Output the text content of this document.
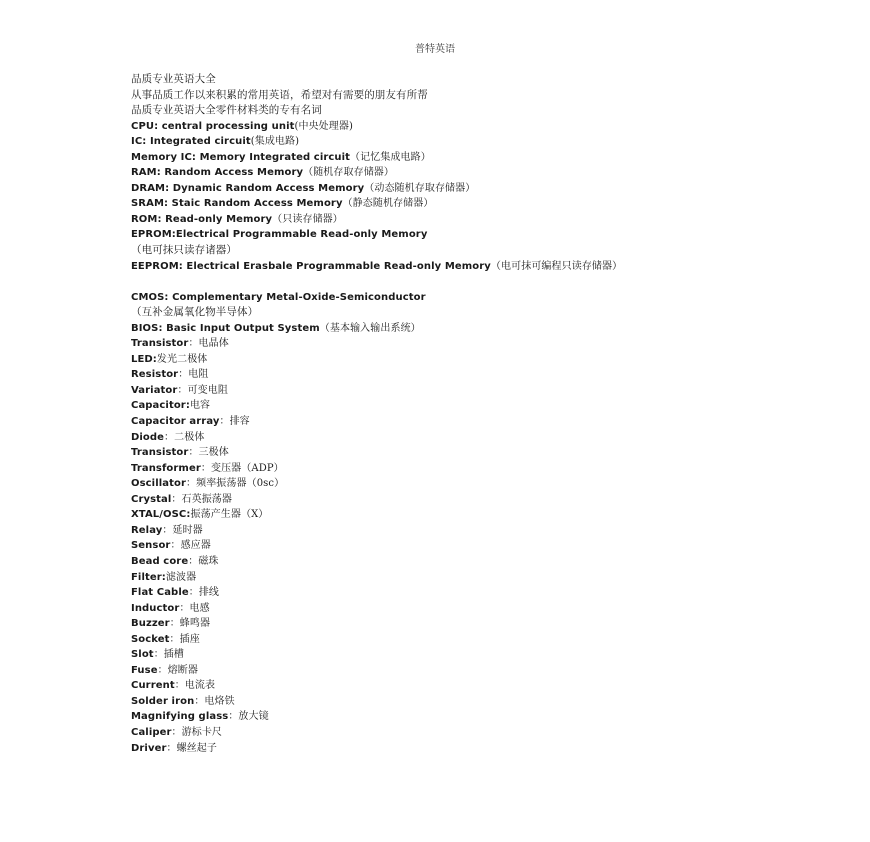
普特英语
品质专业英语大全
从事品质工作以来积累的常用英语，希望对有需要的朋友有所帮
品质专业英语大全零件材料类的专有名词
CPU: central processing unit(中央处理器)
IC: Integrated circuit(集成电路)
Memory IC: Memory Integrated circuit（记忆集成电路）
RAM: Random Access Memory（随机存取存储器）
DRAM: Dynamic Random Access Memory（动态随机存取存储器）
SRAM: Staic Random Access Memory（静态随机存储器）
ROM: Read-only Memory（只读存储器）
EPROM:Electrical Programmable Read-only Memory
（电可抹只读存诸器）
EEPROM: Electrical Erasbale Programmable Read-only Memory（电可抹可编程只读存储器）
CMOS: Complementary Metal-Oxide-Semiconductor
（互补金属氧化物半导体）
BIOS: Basic Input Output System（基本输入输出系统）
Transistor：电晶体
LED:发光二极体
Resistor：电阻
Variator：可变电阻
Capacitor:电容
Capacitor array：排容
Diode：二极体
Transistor：三极体
Transformer：变压器（ADP）
Oscillator：频率振荡器（0sc）
Crystal：石英振荡器
XTAL/OSC:振荡产生器（X）
Relay：延时器
Sensor：感应器
Bead core：磁珠
Filter:滤波器
Flat Cable：排线
Inductor：电感
Buzzer：蜂鸣器
Socket：插座
Slot：插槽
Fuse：熔断器
Current：电流表
Solder iron：电烙铁
Magnifying glass：放大镜
Caliper：游标卡尺
Driver：螺丝起子
